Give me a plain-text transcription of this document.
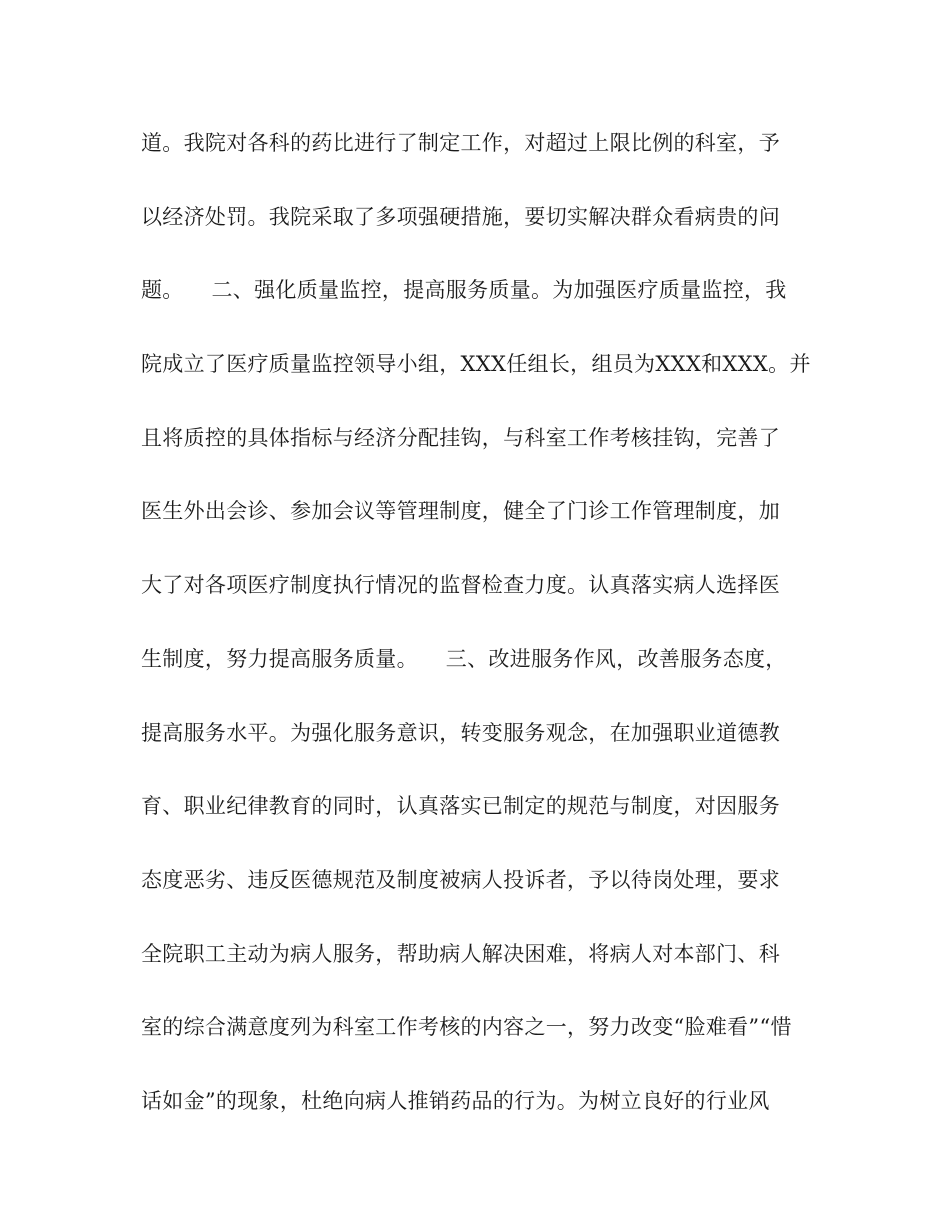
道。我院对各科的药比进行了制定工作，对超过上限比例的科室，予
以经济处罚。我院采取了多项强硬措施，要切实解决群众看病贵的问
题。    二、强化质量监控，提高服务质量。为加强医疗质量监控，我
院成立了医疗质量监控领导小组，XXX任组长，组员为XXX和XXX。并
且将质控的具体指标与经济分配挂钩，与科室工作考核挂钩，完善了
医生外出会诊、参加会议等管理制度，健全了门诊工作管理制度，加
大了对各项医疗制度执行情况的监督检查力度。认真落实病人选择医
生制度，努力提高服务质量。    三、改进服务作风，改善服务态度，
提高服务水平。为强化服务意识，转变服务观念，在加强职业道德教
育、职业纪律教育的同时，认真落实已制定的规范与制度，对因服务
态度恶劣、违反医德规范及制度被病人投诉者，予以待岗处理，要求
全院职工主动为病人服务，帮助病人解决困难，将病人对本部门、科
室的综合满意度列为科室工作考核的内容之一，努力改变“脸难看”“惜
话如金”的现象，杜绝向病人推销药品的行为。为树立良好的行业风
